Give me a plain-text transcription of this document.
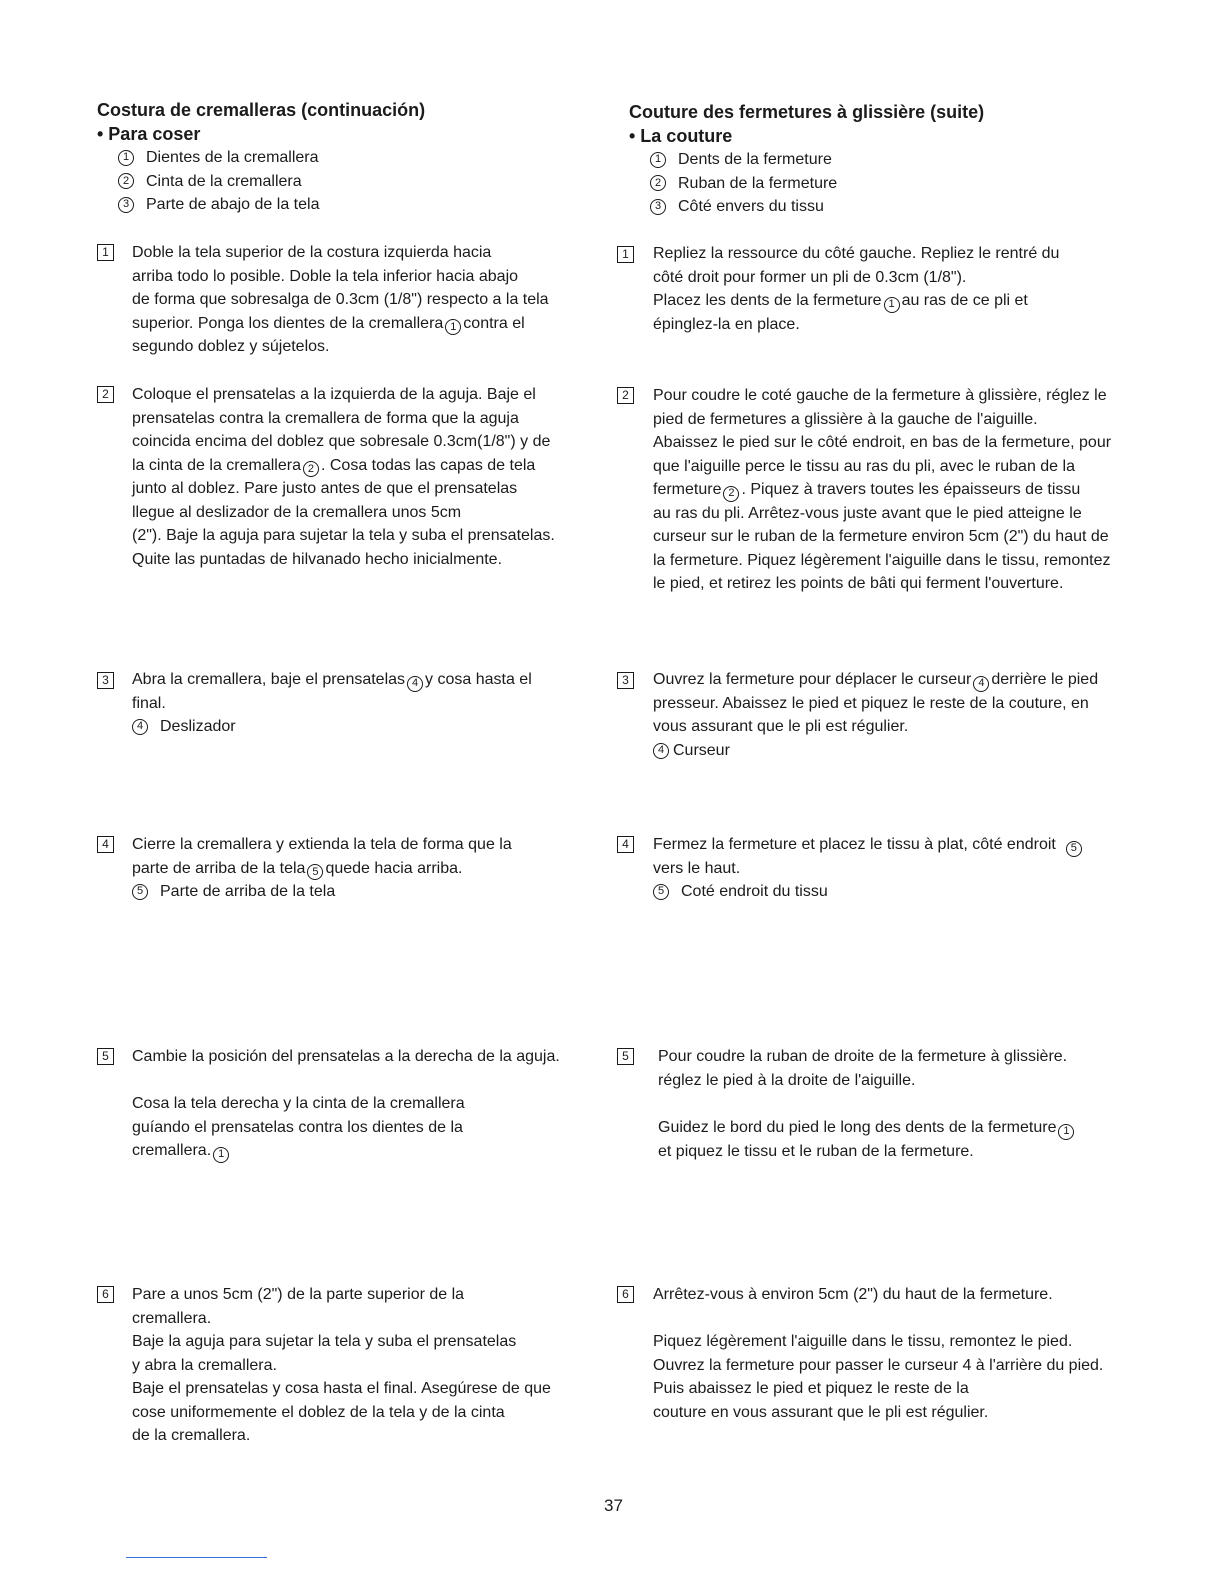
Costura de cremalleras (continuación)
• Para coser
1	Dientes de la cremallera
2	Cinta de la cremallera
3	Parte de abajo de la tela
1	Doble la tela superior de la costura izquierda hacia
arriba todo lo posible. Doble la tela inferior hacia abajo
de forma que sobresalga de 0.3cm (1/8") respecto a la tela
superior. Ponga los dientes de la cremallera 1 contra el
segundo doblez y sújetelos.
2	Coloque el prensatelas a la izquierda de la aguja. Baje el
prensatelas contra la cremallera de forma que la aguja
coincida encima del doblez que sobresale 0.3cm(1/8") y de
la cinta de la cremallera 2 . Cosa todas las capas de tela
junto al doblez. Pare justo antes de que el prensatelas
llegue al deslizador de la cremallera unos 5cm
(2"). Baje la aguja para sujetar la tela y suba el prensatelas.
Quite las puntadas de hilvanado hecho inicialmente.
3	Abra la cremallera, baje el prensatelas 4 y cosa hasta el
final.
4	Deslizador
4	Cierre la cremallera y extienda la tela de forma que la
parte de arriba de la tela 5 quede hacia arriba.
5	Parte de arriba de la tela
5	Cambie la posición del prensatelas a la derecha de la aguja.
Cosa la tela derecha y la cinta de la cremallera
guíando el prensatelas contra los dientes de la
cremallera. 1
6	Pare a unos 5cm (2") de la parte superior de la
cremallera.
Baje la aguja para sujetar la tela y suba el prensatelas
y abra la cremallera.
Baje el prensatelas y cosa hasta el final. Asegúrese de que
cose uniformemente el doblez de la tela y de la cinta
de la cremallera.
Couture des fermetures à glissière (suite)
• La couture
1	Dents de la fermeture
2	Ruban de la fermeture
3	Côté envers du tissu
1	Repliez la ressource du côté gauche. Repliez le rentré du
côté droit pour former un pli de 0.3cm (1/8").
Placez les dents de la fermeture 1 au ras de ce pli et
épinglez-la en place.
2	Pour coudre le coté gauche de la fermeture à glissière, réglez le
pied de fermetures a glissière à la gauche de l'aiguille.
Abaissez le pied sur le côté endroit, en bas de la fermeture, pour
que l'aiguille perce le tissu au ras du pli, avec le ruban de la
fermeture 2 . Piquez à travers toutes les épaisseurs de tissu
au ras du pli. Arrêtez-vous juste avant que le pied atteigne le
curseur sur le ruban de la fermeture environ 5cm (2") du haut de
la fermeture. Piquez légèrement l'aiguille dans le tissu, remontez
le pied, et retirez les points de bâti qui ferment l'ouverture.
3	Ouvrez la fermeture pour déplacer le curseur 4 derrière le pied
presseur. Abaissez le pied et piquez le reste de la couture, en
vous assurant que le pli est régulier.
4 Curseur
4	Fermez la fermeture et placez le tissu à plat, côté endroit 5
vers le haut.
5	Coté endroit du tissu
5	Pour coudre la ruban de droite de la fermeture à glissière.
réglez le pied à la droite de l'aiguille.
Guidez le bord du pied le long des dents de la fermeture 1
et piquez le tissu et le ruban de la fermeture.
6	Arrêtez-vous à environ 5cm (2") du haut de la fermeture.
Piquez légèrement l'aiguille dans le tissu, remontez le pied.
Ouvrez la fermeture pour passer le curseur 4 à l'arrière du pied.
Puis abaissez le pied et piquez le reste de la
couture en vous assurant que le pli est régulier.
37
